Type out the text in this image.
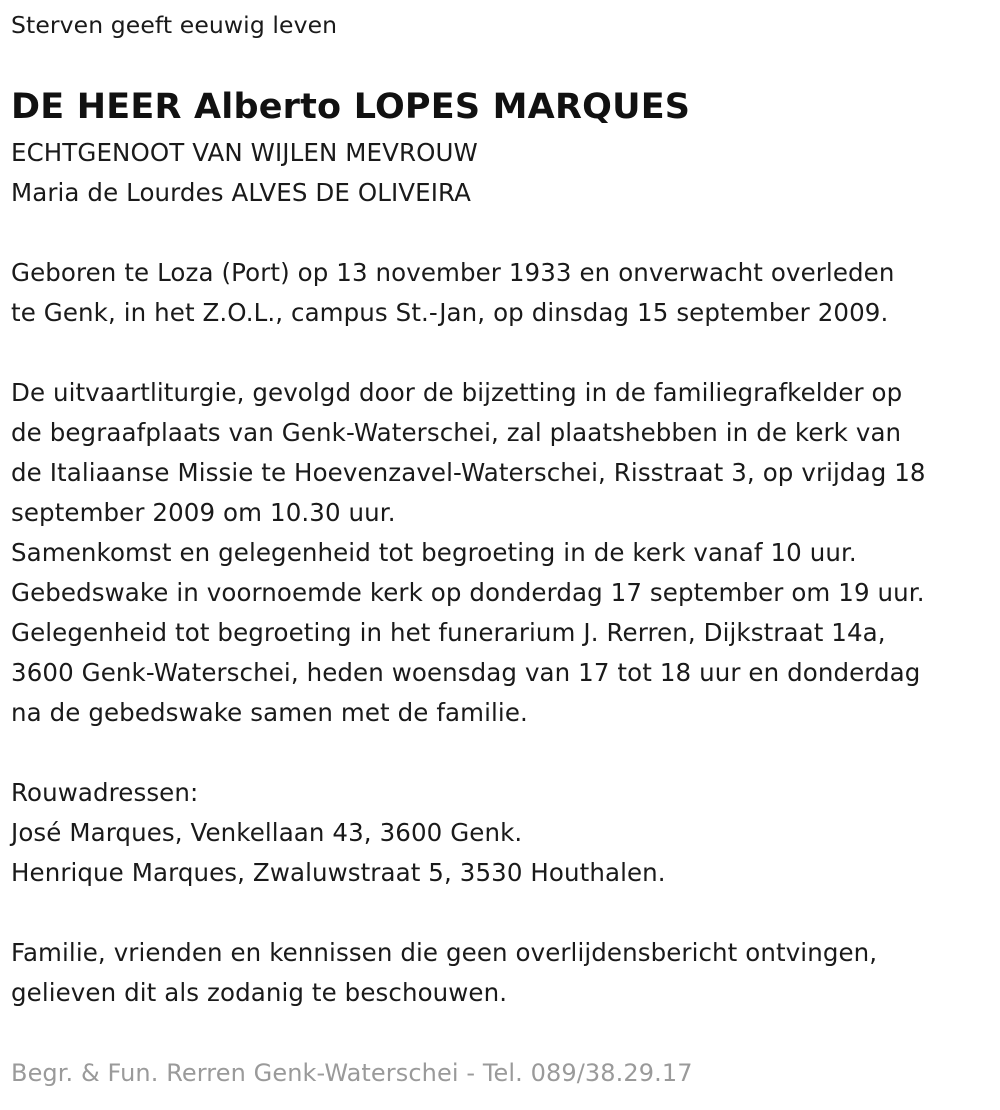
Sterven geeft eeuwig leven
DE HEER Alberto LOPES MARQUES
ECHTGENOOT VAN WIJLEN MEVROUW
Maria de Lourdes ALVES DE OLIVEIRA
Geboren te Loza (Port) op 13 november 1933 en onverwacht overleden
te Genk, in het Z.O.L., campus St.-Jan, op dinsdag 15 september 2009.
De uitvaartliturgie, gevolgd door de bijzetting in de familiegrafkelder op
de begraafplaats van Genk-Waterschei, zal plaatshebben in de kerk van
de Italiaanse Missie te Hoevenzavel-Waterschei, Risstraat 3, op vrijdag 18
september 2009 om 10.30 uur.
Samenkomst en gelegenheid tot begroeting in de kerk vanaf 10 uur.
Gebedswake in voornoemde kerk op donderdag 17 september om 19 uur.
Gelegenheid tot begroeting in het funerarium J. Rerren, Dijkstraat 14a,
3600 Genk-Waterschei, heden woensdag van 17 tot 18 uur en donderdag
na de gebedswake samen met de familie.
Rouwadressen:
José Marques, Venkellaan 43, 3600 Genk.
Henrique Marques, Zwaluwstraat 5, 3530 Houthalen.
Familie, vrienden en kennissen die geen overlijdensbericht ontvingen,
gelieven dit als zodanig te beschouwen.
Begr. & Fun. Rerren Genk-Waterschei - Tel. 089/38.29.17
